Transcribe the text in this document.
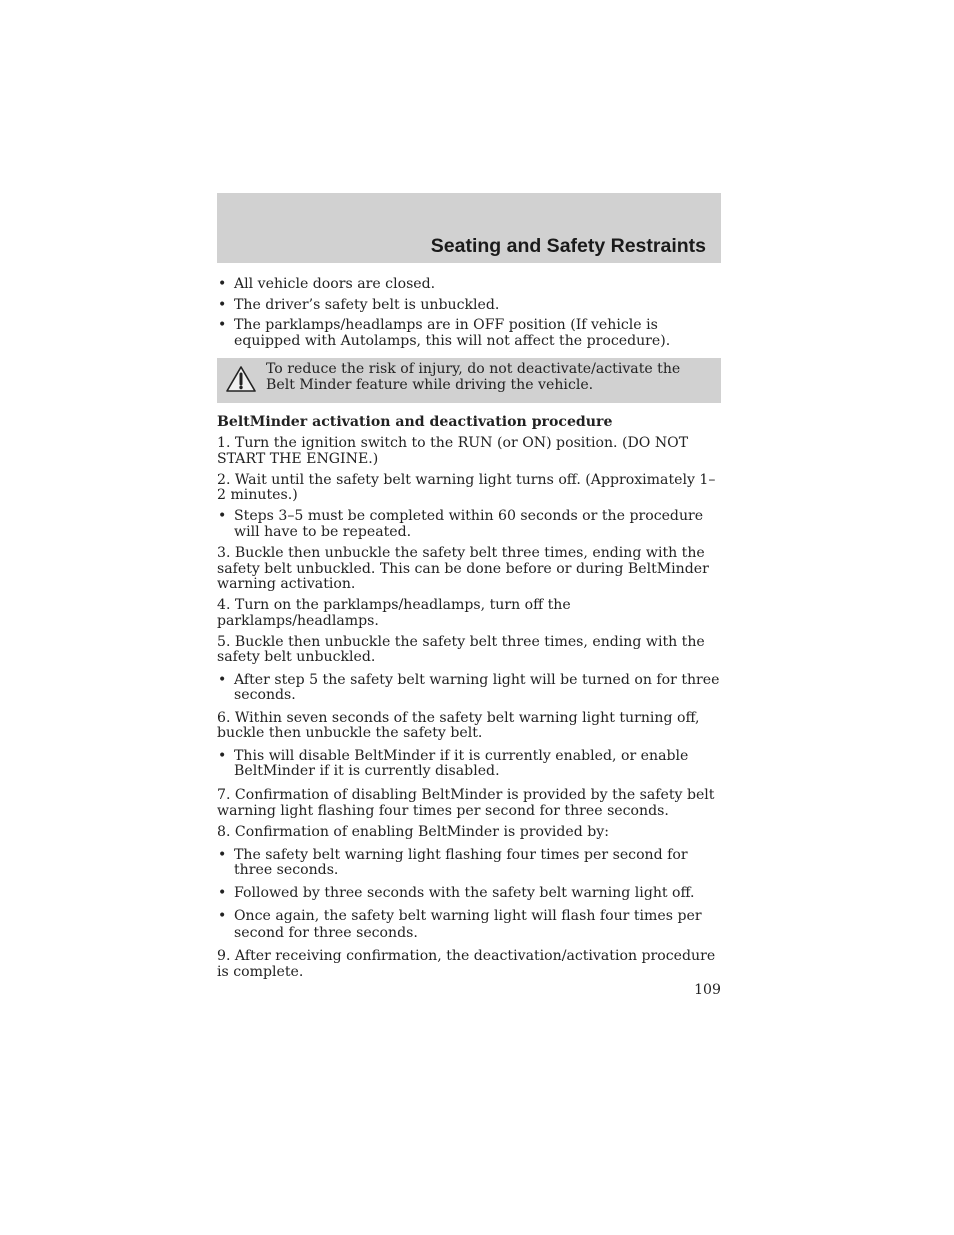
Seating and Safety Restraints
• All vehicle doors are closed.
• The driver’s safety belt is unbuckled.
• The parklamps/headlamps are in OFF position (If vehicle is equipped with Autolamps, this will not affect the procedure).
To reduce the risk of injury, do not deactivate/activate the Belt Minder feature while driving the vehicle.
BeltMinder activation and deactivation procedure
1. Turn the ignition switch to the RUN (or ON) position. (DO NOT START THE ENGINE.)
2. Wait until the safety belt warning light turns off. (Approximately 1–2 minutes.)
• Steps 3–5 must be completed within 60 seconds or the procedure will have to be repeated.
3. Buckle then unbuckle the safety belt three times, ending with the safety belt unbuckled. This can be done before or during BeltMinder warning activation.
4. Turn on the parklamps/headlamps, turn off the parklamps/headlamps.
5. Buckle then unbuckle the safety belt three times, ending with the safety belt unbuckled.
• After step 5 the safety belt warning light will be turned on for three seconds.
6. Within seven seconds of the safety belt warning light turning off, buckle then unbuckle the safety belt.
• This will disable BeltMinder if it is currently enabled, or enable BeltMinder if it is currently disabled.
7. Confirmation of disabling BeltMinder is provided by the safety belt warning light flashing four times per second for three seconds.
8. Confirmation of enabling BeltMinder is provided by:
• The safety belt warning light flashing four times per second for three seconds.
• Followed by three seconds with the safety belt warning light off.
• Once again, the safety belt warning light will flash four times per second for three seconds.
9. After receiving confirmation, the deactivation/activation procedure is complete.
109
